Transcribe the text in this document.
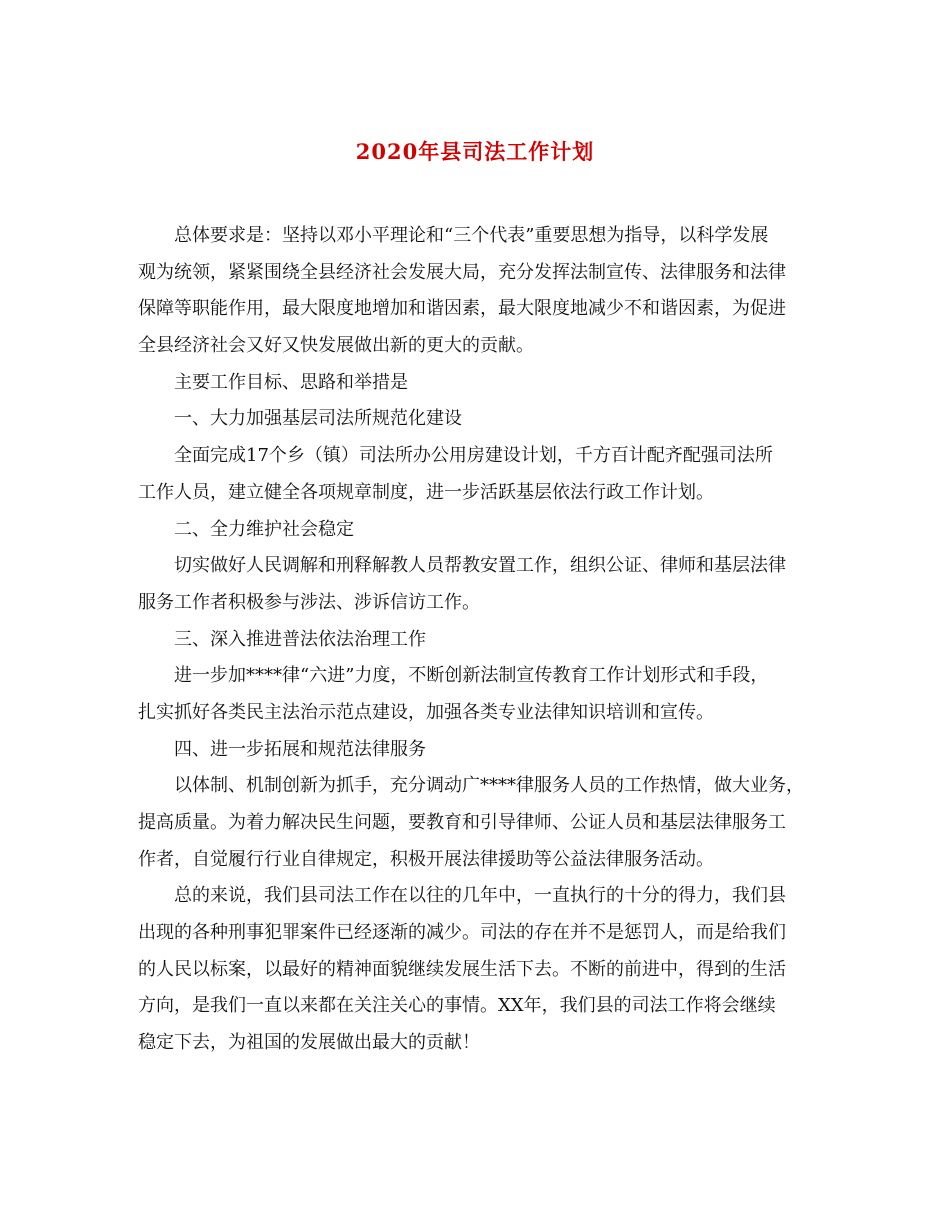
2020年县司法工作计划
总体要求是：坚持以邓小平理论和“三个代表”重要思想为指导，以科学发展
观为统领，紧紧围绕全县经济社会发展大局，充分发挥法制宣传、法律服务和法律
保障等职能作用，最大限度地增加和谐因素，最大限度地减少不和谐因素，为促进
全县经济社会又好又快发展做出新的更大的贡献。
主要工作目标、思路和举措是
一、大力加强基层司法所规范化建设
全面完成17个乡（镇）司法所办公用房建设计划，千方百计配齐配强司法所
工作人员，建立健全各项规章制度，进一步活跃基层依法行政工作计划。
二、全力维护社会稳定
切实做好人民调解和刑释解教人员帮教安置工作，组织公证、律师和基层法律
服务工作者积极参与涉法、涉诉信访工作。
三、深入推进普法依法治理工作
进一步加****律“六进”力度，不断创新法制宣传教育工作计划形式和手段，
扎实抓好各类民主法治示范点建设，加强各类专业法律知识培训和宣传。
四、进一步拓展和规范法律服务
以体制、机制创新为抓手，充分调动广****律服务人员的工作热情，做大业务，
提高质量。为着力解决民生问题，要教育和引导律师、公证人员和基层法律服务工
作者，自觉履行行业自律规定，积极开展法律援助等公益法律服务活动。
总的来说，我们县司法工作在以往的几年中，一直执行的十分的得力，我们县
出现的各种刑事犯罪案件已经逐渐的减少。司法的存在并不是惩罚人，而是给我们
的人民以标案，以最好的精神面貌继续发展生活下去。不断的前进中，得到的生活
方向，是我们一直以来都在关注关心的事情。XX年，我们县的司法工作将会继续
稳定下去，为祖国的发展做出最大的贡献！
